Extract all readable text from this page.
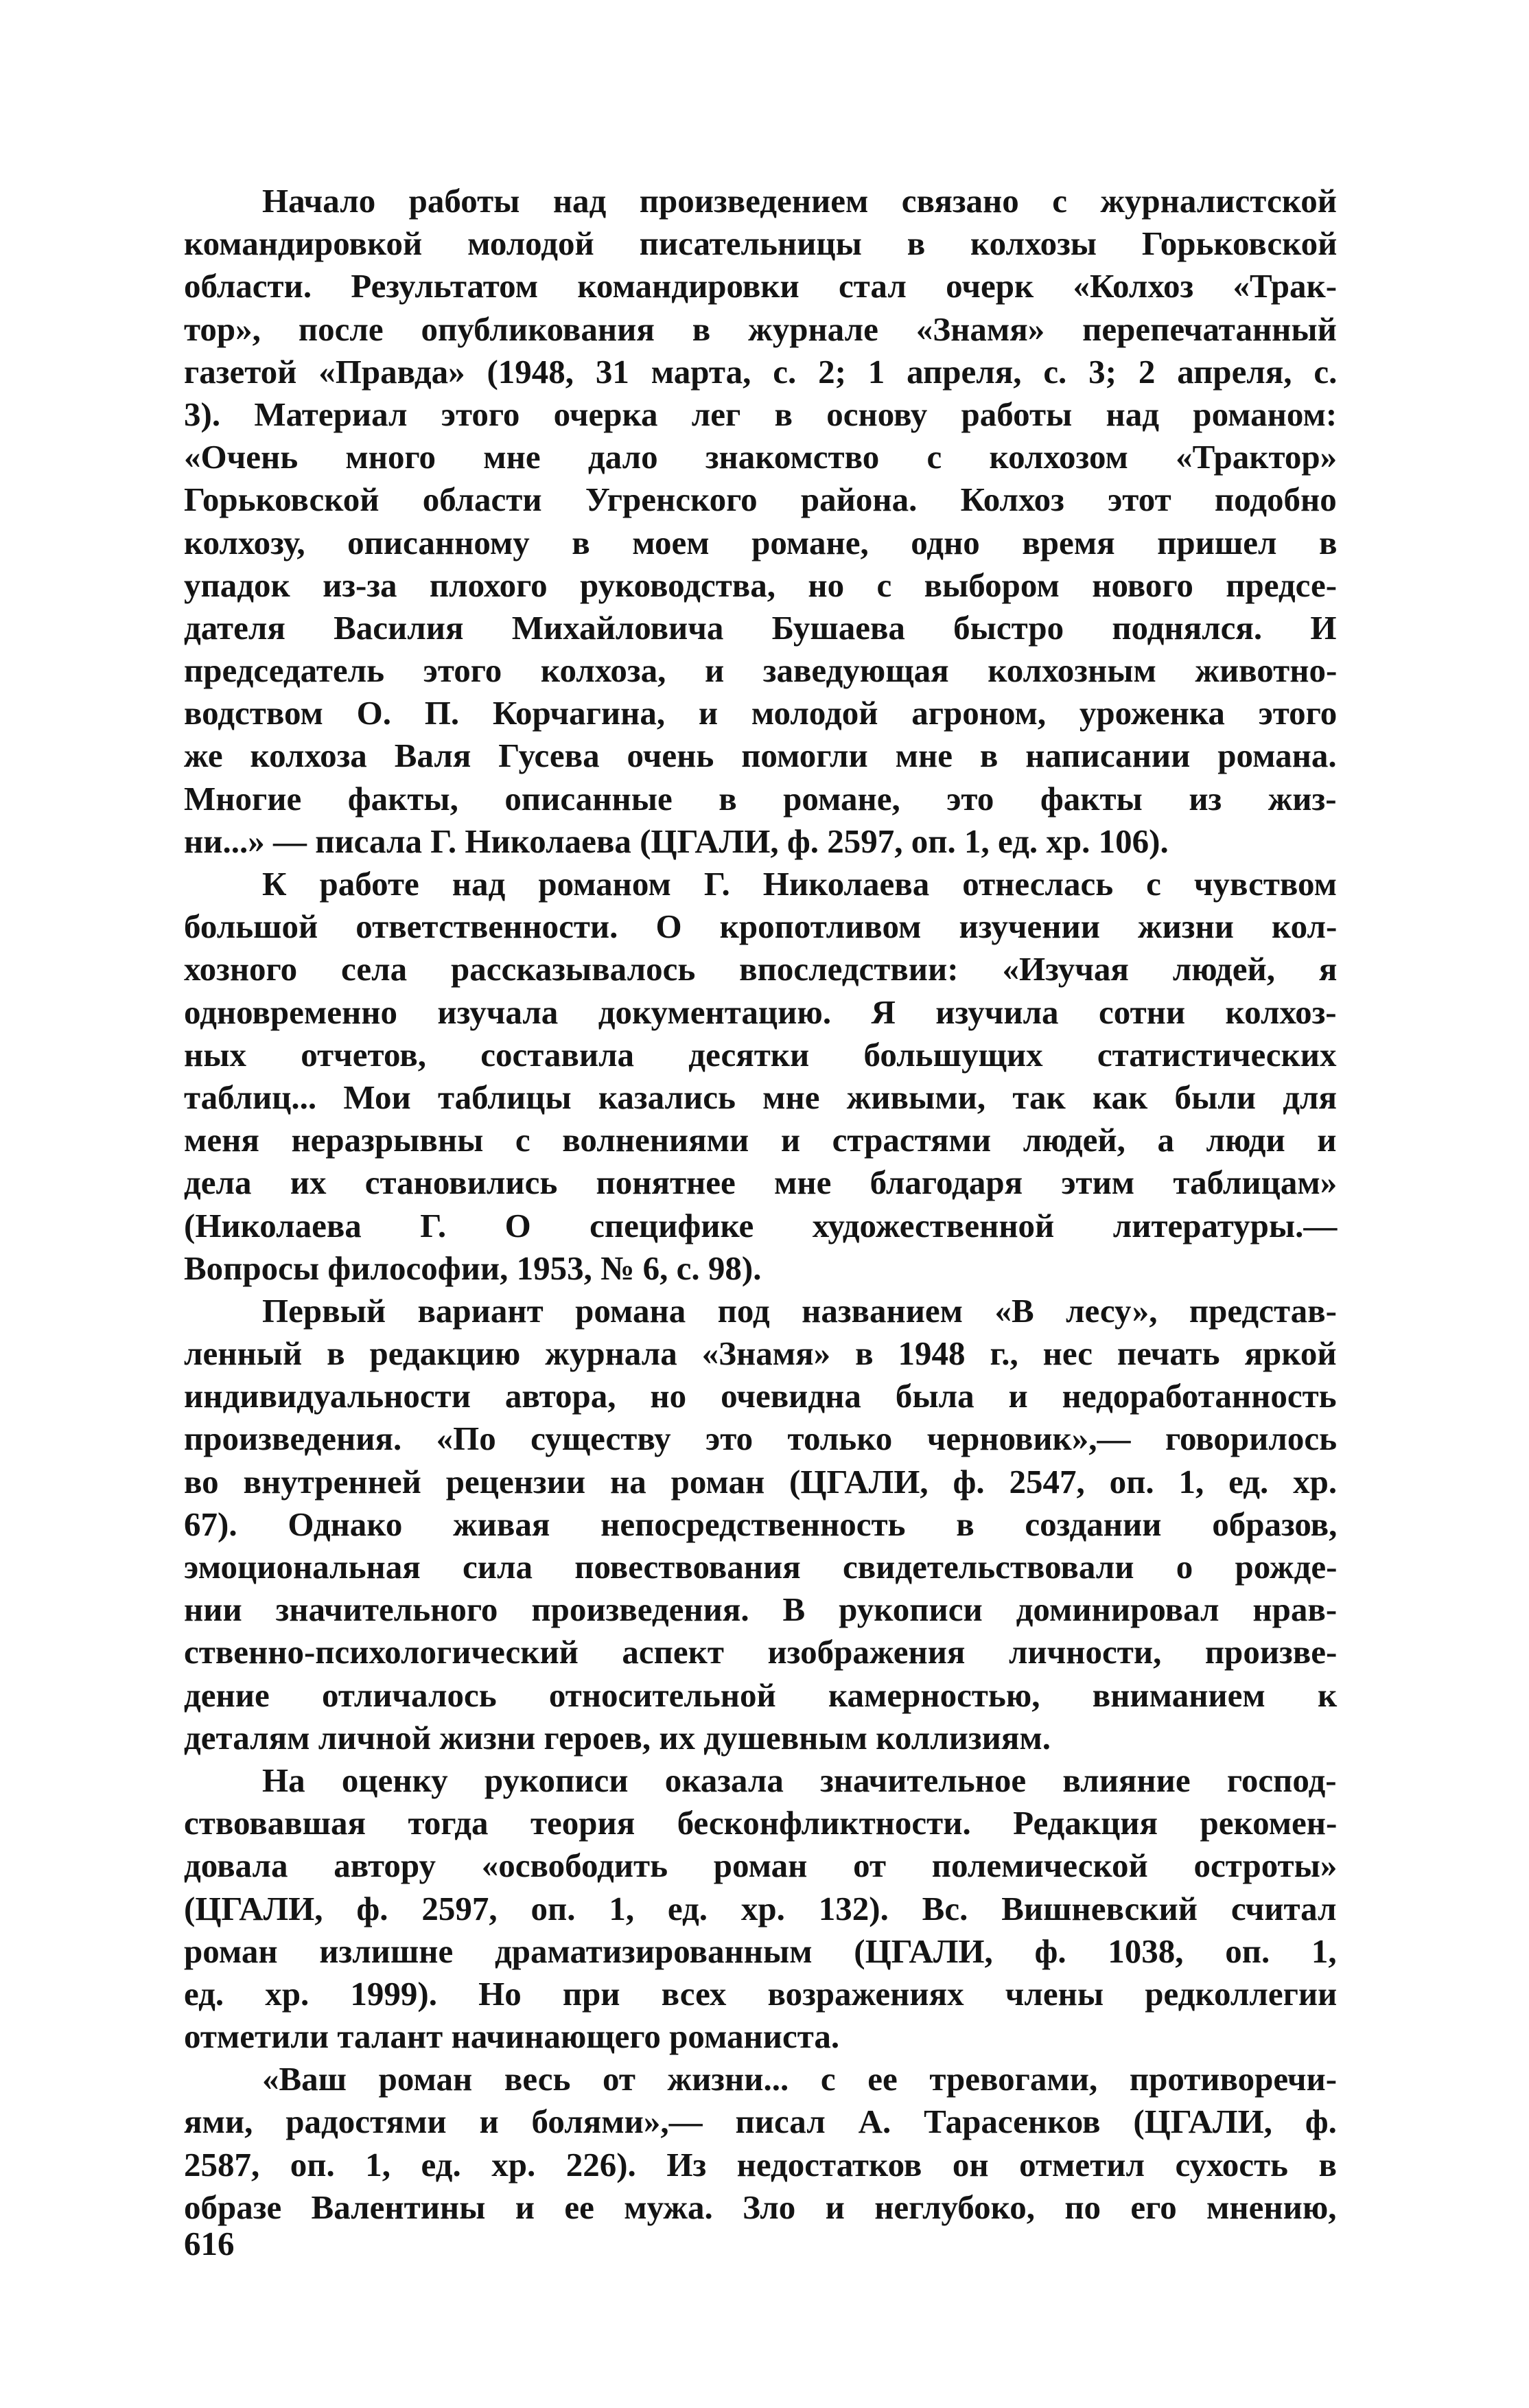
Начало работы над произведением связано с журналистской
командировкой молодой писательницы в колхозы Горьковской
области. Результатом командировки стал очерк «Колхоз «Трак-
тор», после опубликования в журнале «Знамя» перепечатанный
газетой «Правда» (1948, 31 марта, с. 2; 1 апреля, с. 3; 2 апреля, с.
3). Материал этого очерка лег в основу работы над романом:
«Очень много мне дало знакомство с колхозом «Трактор»
Горьковской области Угренского района. Колхоз этот подобно
колхозу, описанному в моем романе, одно время пришел в
упадок из-за плохого руководства, но с выбором нового предсе-
дателя Василия Михайловича Бушаева быстро поднялся. И
председатель этого колхоза, и заведующая колхозным животно-
водством О. П. Корчагина, и молодой агроном, уроженка этого
же колхоза Валя Гусева очень помогли мне в написании романа.
Многие факты, описанные в романе, это факты из жиз-
ни...» — писала Г. Николаева (ЦГАЛИ, ф. 2597, оп. 1, ед. хр. 106).
К работе над романом Г. Николаева отнеслась с чувством
большой ответственности. О кропотливом изучении жизни кол-
хозного села рассказывалось впоследствии: «Изучая людей, я
одновременно изучала документацию. Я изучила сотни колхоз-
ных отчетов, составила десятки большущих статистических
таблиц... Мои таблицы казались мне живыми, так как были для
меня неразрывны с волнениями и страстями людей, а люди и
дела их становились понятнее мне благодаря этим таблицам»
(Николаева Г. О специфике художественной литературы.—
Вопросы философии, 1953, № 6, с. 98).
Первый вариант романа под названием «В лесу», представ-
ленный в редакцию журнала «Знамя» в 1948 г., нес печать яркой
индивидуальности автора, но очевидна была и недоработанность
произведения. «По существу это только черновик»,— говорилось
во внутренней рецензии на роман (ЦГАЛИ, ф. 2547, оп. 1, ед. хр.
67). Однако живая непосредственность в создании образов,
эмоциональная сила повествования свидетельствовали о рожде-
нии значительного произведения. В рукописи доминировал нрав-
ственно-психологический аспект изображения личности, произве-
дение отличалось относительной камерностью, вниманием к
деталям личной жизни героев, их душевным коллизиям.
На оценку рукописи оказала значительное влияние господ-
ствовавшая тогда теория бесконфликтности. Редакция рекомен-
довала автору «освободить роман от полемической остроты»
(ЦГАЛИ, ф. 2597, оп. 1, ед. хр. 132). Вс. Вишневский считал
роман излишне драматизированным (ЦГАЛИ, ф. 1038, оп. 1,
ед. хр. 1999). Но при всех возражениях члены редколлегии
отметили талант начинающего романиста.
«Ваш роман весь от жизни... с ее тревогами, противоречи-
ями, радостями и болями»,— писал А. Тарасенков (ЦГАЛИ, ф.
2587, оп. 1, ед. хр. 226). Из недостатков он отметил сухость в
образе Валентины и ее мужа. Зло и неглубоко, по его мнению,
616
